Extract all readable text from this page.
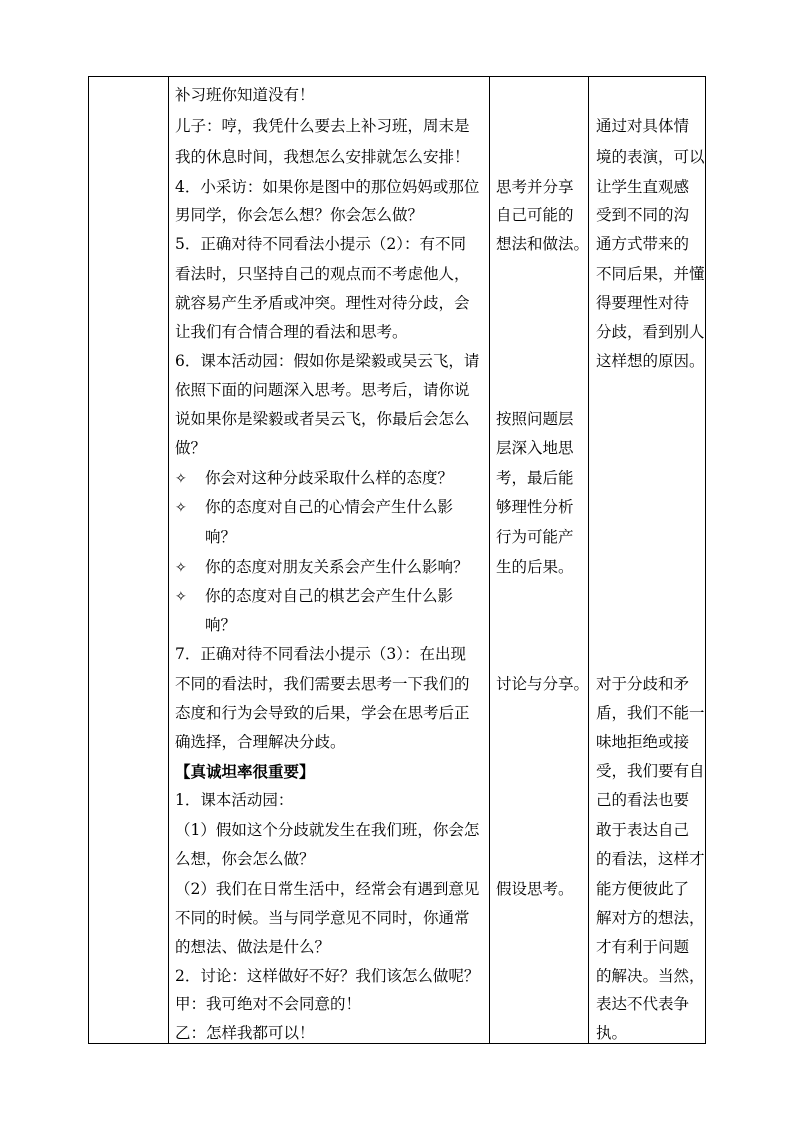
补习班你知道没有！
儿子：哼，我凭什么要去上补习班，周末是
我的休息时间，我想怎么安排就怎么安排！
4．小采访：如果你是图中的那位妈妈或那位
男同学，你会怎么想？你会怎么做？
5．正确对待不同看法小提示（2）：有不同
看法时，只坚持自己的观点而不考虑他人，
就容易产生矛盾或冲突。理性对待分歧，会
让我们有合情合理的看法和思考。
6．课本活动园：假如你是梁毅或吴云飞，请
依照下面的问题深入思考。思考后，请你说
说如果你是梁毅或者吴云飞，你最后会怎么
做？
✧ 你会对这种分歧采取什么样的态度？
✧ 你的态度对自己的心情会产生什么影
响？
✧ 你的态度对朋友关系会产生什么影响？
✧ 你的态度对自己的棋艺会产生什么影
响？
7．正确对待不同看法小提示（3）：在出现
不同的看法时，我们需要去思考一下我们的
态度和行为会导致的后果，学会在思考后正
确选择，合理解决分歧。
【真诚坦率很重要】
1．课本活动园：
（1）假如这个分歧就发生在我们班，你会怎
么想，你会怎么做？
（2）我们在日常生活中，经常会有遇到意见
不同的时候。当与同学意见不同时，你通常
的想法、做法是什么？
2．讨论：这样做好不好？我们该怎么做呢？
甲：我可绝对不会同意的！
乙：怎样我都可以！
思考并分享
自己可能的
想法和做法。
按照问题层
层深入地思
考，最后能
够理性分析
行为可能产
生的后果。
讨论与分享。
假设思考。
通过对具体情
境的表演，可以
让学生直观感
受到不同的沟
通方式带来的
不同后果，并懂
得要理性对待
分歧，看到别人
这样想的原因。
对于分歧和矛
盾，我们不能一
味地拒绝或接
受，我们要有自
己的看法也要
敢于表达自己
的看法，这样才
能方便彼此了
解对方的想法，
才有利于问题
的解决。当然，
表达不代表争
执。
